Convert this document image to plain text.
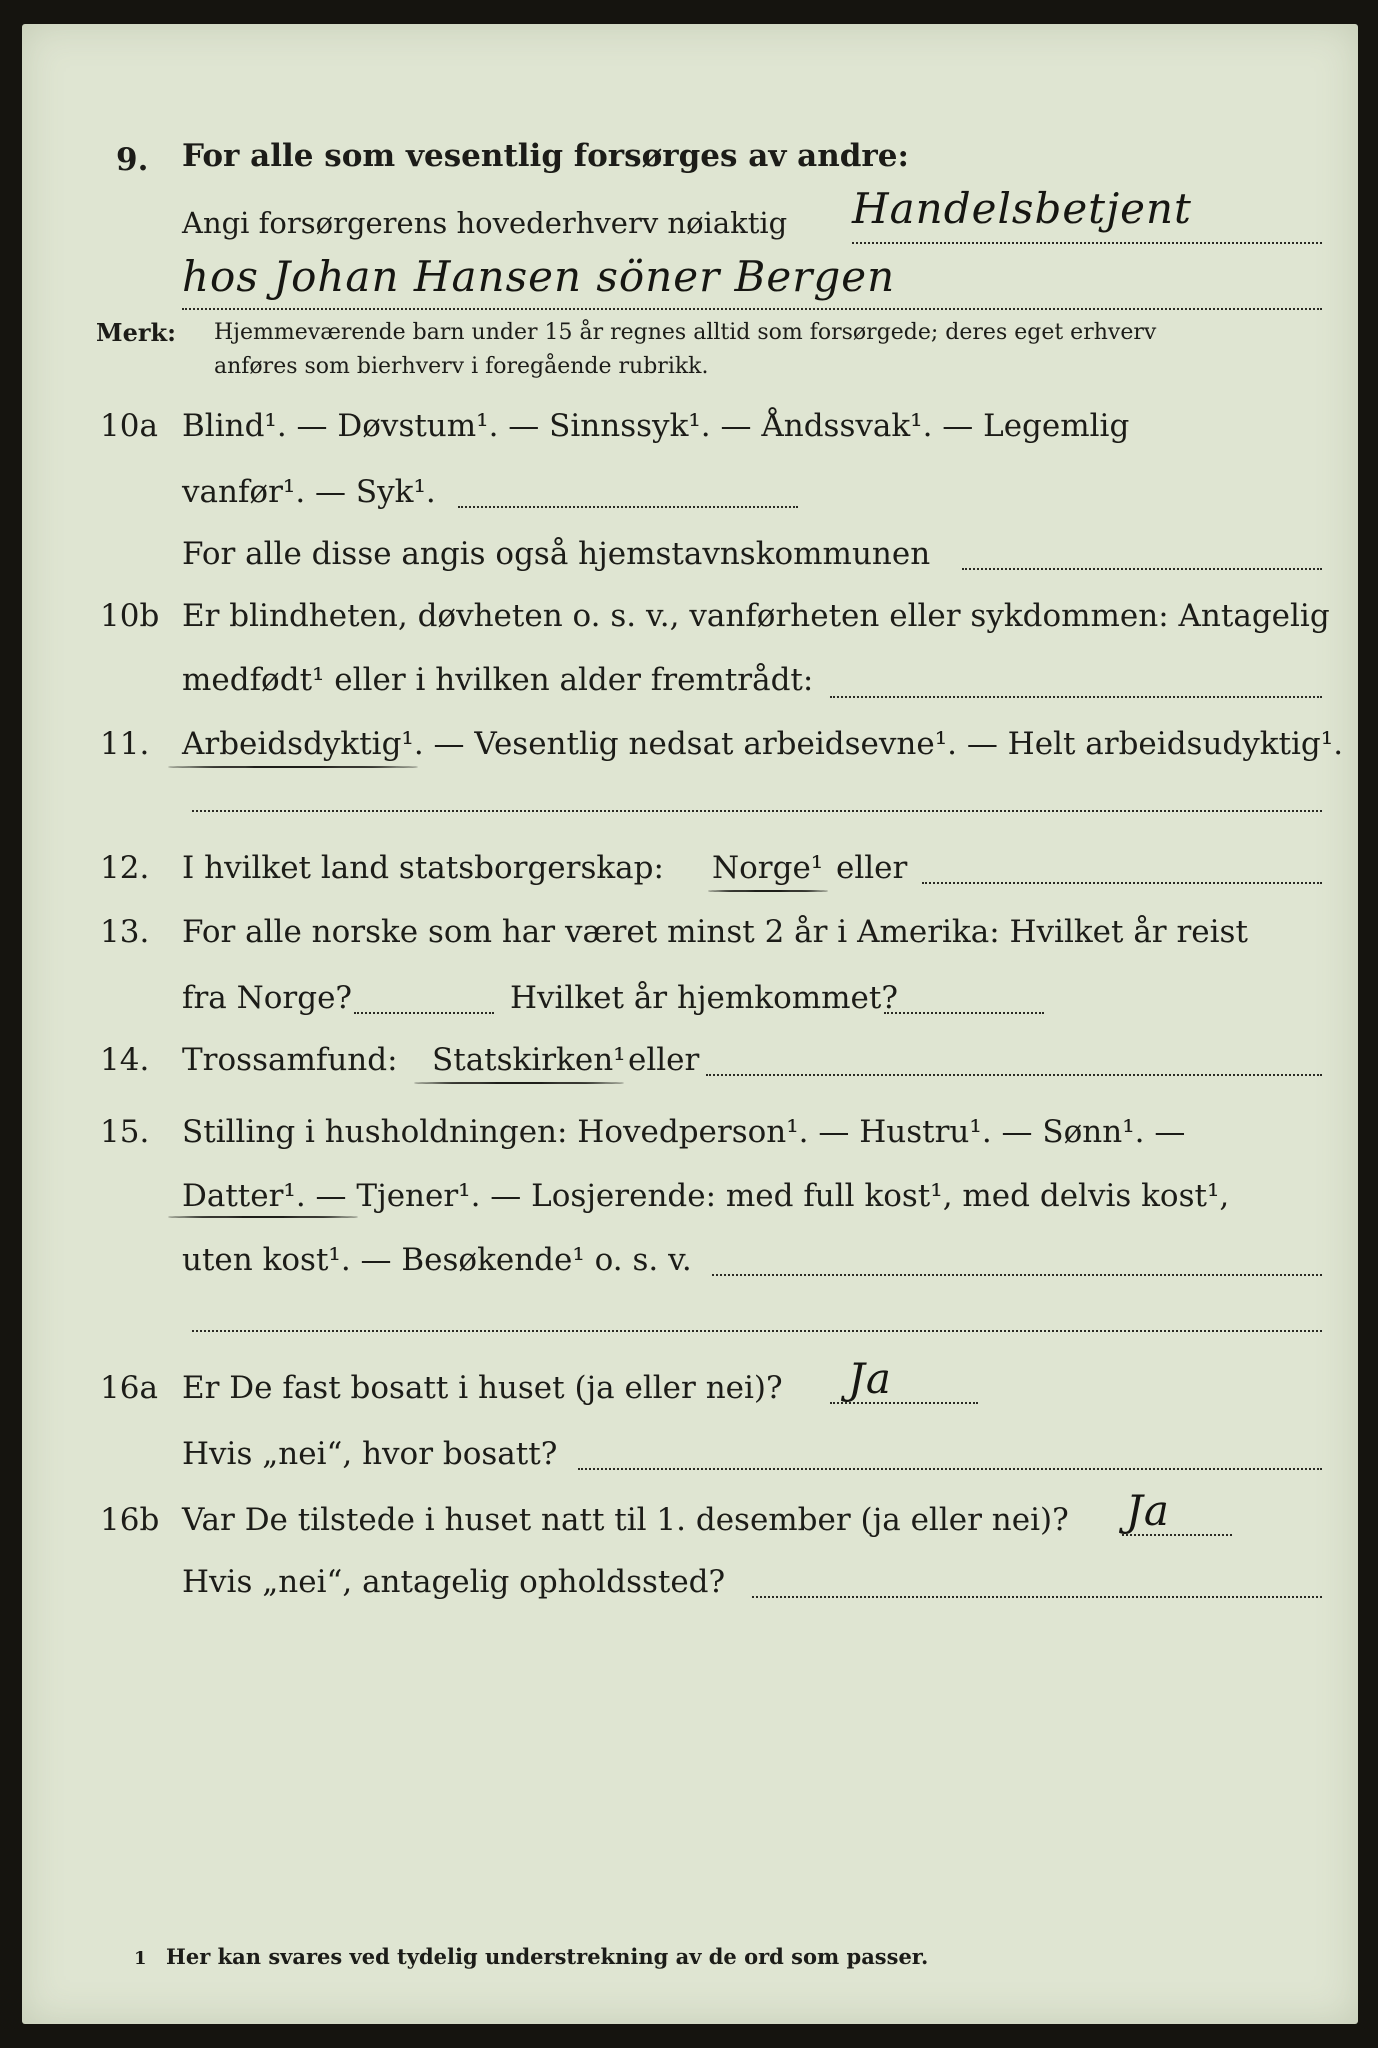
9. For alle som vesentlig forsørges av andre:
Angi forsørgerens hovederhverv nøiaktig Handelsbetjent
hos Johan Hansen söner Bergen
Merk: Hjemmeværende barn under 15 år regnes alltid som forsørgede; deres eget erhverv
anføres som bierhverv i foregående rubrikk.
10a Blind¹. — Døvstum¹. — Sinnssyk¹. — Åndssvak¹. — Legemlig
vanfør¹. — Syk¹.
For alle disse angis også hjemstavnskommunen
10b Er blindheten, døvheten o. s. v., vanførheten eller sykdommen: Antagelig
medfødt¹ eller i hvilken alder fremtrådt:
11. Arbeidsdyktig¹. — Vesentlig nedsat arbeidsevne¹. — Helt arbeidsudyktig¹.
12. I hvilket land statsborgerskap: Norge¹ eller
13. For alle norske som har været minst 2 år i Amerika: Hvilket år reist
fra Norge?	Hvilket år hjemkommet?
14. Trossamfund: Statskirken¹ eller
15. Stilling i husholdningen: Hovedperson¹. — Hustru¹. — Sønn¹. —
Datter¹. — Tjener¹. — Losjerende: med full kost¹, med delvis kost¹,
uten kost¹. — Besøkende¹ o. s. v.
16a Er De fast bosatt i huset (ja eller nei)? Ja
Hvis „nei“, hvor bosatt?
16b Var De tilstede i huset natt til 1. desember (ja eller nei)? Ja
Hvis „nei“, antagelig opholdssted?
1 Her kan svares ved tydelig understrekning av de ord som passer.
